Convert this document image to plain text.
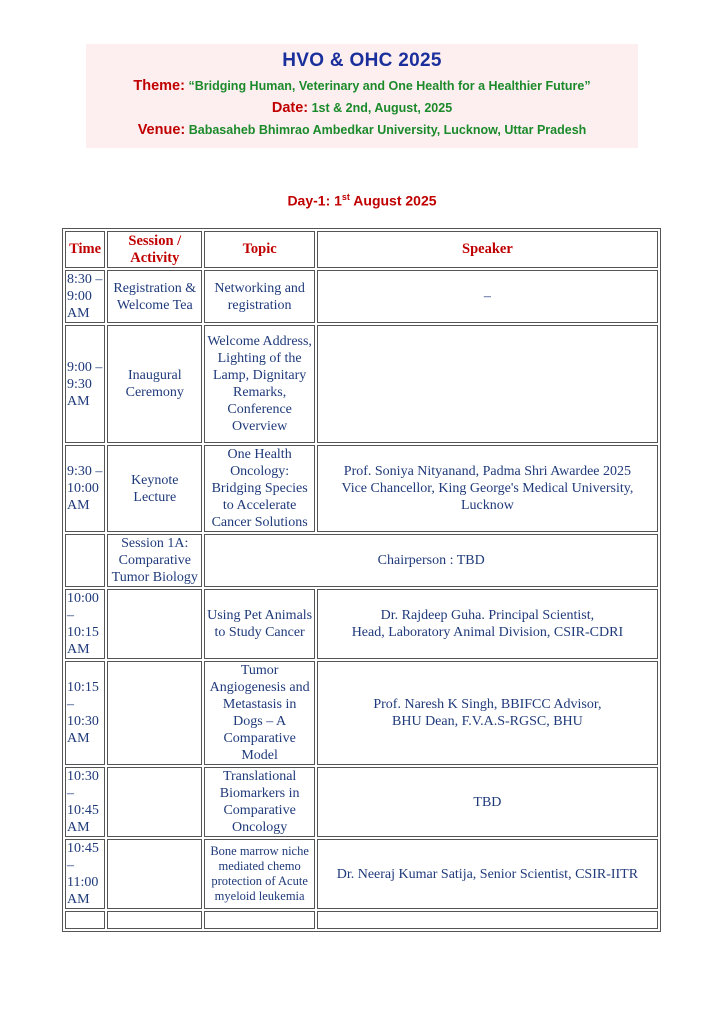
HVO & OHC 2025
Theme: “Bridging Human, Veterinary and One Health for a Healthier Future”
Date: 1st & 2nd, August, 2025
Venue: Babasaheb Bhimrao Ambedkar University, Lucknow, Uttar Pradesh
Day-1: 1st August 2025
Time	Session / Activity	Topic	Speaker
8:30 – 9:00 AM	Registration & Welcome Tea	Networking and registration	–
9:00 – 9:30 AM	Inaugural Ceremony	Welcome Address, Lighting of the Lamp, Dignitary Remarks, Conference Overview	
9:30 – 10:00 AM	Keynote Lecture	One Health Oncology: Bridging Species to Accelerate Cancer Solutions	Prof. Soniya Nityanand, Padma Shri Awardee 2025
Vice Chancellor, King George's Medical University, Lucknow

	Session 1A: Comparative Tumor Biology	Chairperson : TBD	
10:00 – 10:15 AM		Using Pet Animals to Study Cancer	Dr. Rajdeep Guha. Principal Scientist,
Head, Laboratory Animal Division, CSIR-CDRI

10:15 – 10:30 AM		Tumor Angiogenesis and Metastasis in Dogs – A Comparative Model	Prof. Naresh K Singh, BBIFCC Advisor,
BHU Dean, F.V.A.S-RGSC, BHU

10:30 – 10:45 AM		Translational Biomarkers in Comparative Oncology	TBD
10:45 – 11:00 AM		Bone marrow niche mediated chemo protection of Acute myeloid leukemia	Dr. Neeraj Kumar Satija, Senior Scientist, CSIR-IITR
